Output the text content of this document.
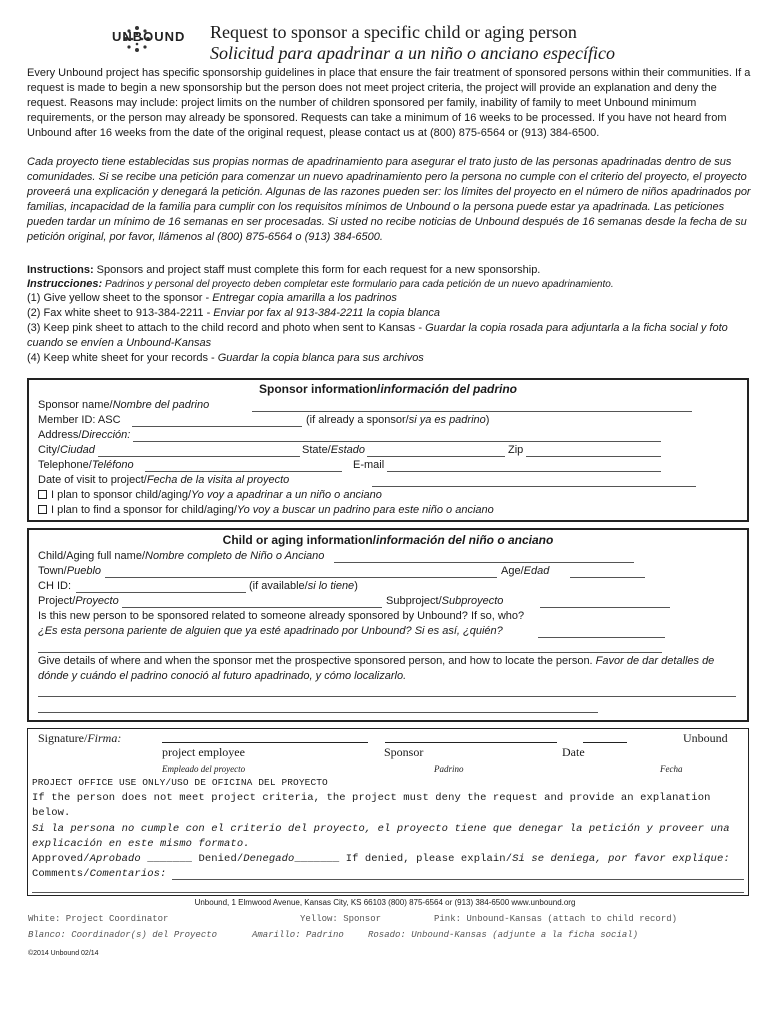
UNBOUND Request to sponsor a specific child or aging person
Solicitud para apadrinar a un niño o anciano específico
Every Unbound project has specific sponsorship guidelines in place that ensure the fair treatment of sponsored persons within their communities. If a request is made to begin a new sponsorship but the person does not meet project criteria, the project will provide an explanation and deny the request. Reasons may include: project limits on the number of children sponsored per family, inability of family to meet Unbound minimum requirements, or the person may already be sponsored. Requests can take a minimum of 16 weeks to be processed. If you have not heard from Unbound after 16 weeks from the date of the original request, please contact us at (800) 875-6564 or (913) 384-6500.
Cada proyecto tiene establecidas sus propias normas de apadrinamiento para asegurar el trato justo de las personas apadrinadas dentro de sus comunidades. Si se recibe una petición para comenzar un nuevo apadrinamiento pero la persona no cumple con el criterio del proyecto, el proyecto proveerá una explicación y denegará la petición. Algunas de las razones pueden ser: los límites del proyecto en el número de niños apadrinados por familias, incapacidad de la familia para cumplir con los requisitos mínimos de Unbound o la persona puede estar ya apadrinada. Las peticiones pueden tardar un mínimo de 16 semanas en ser procesadas. Si usted no recibe noticias de Unbound después de 16 semanas desde la fecha de su petición original, por favor, llámenos al (800) 875-6564 o (913) 384-6500.
Instructions: Sponsors and project staff must complete this form for each request for a new sponsorship.
Instrucciones: Padrinos y personal del proyecto deben completar este formulario para cada petición de un nuevo apadrinamiento.
(1) Give yellow sheet to the sponsor - Entregar copia amarilla a los padrinos
(2) Fax white sheet to 913-384-2211 - Enviar por fax al 913-384-2211 la copia blanca
(3) Keep pink sheet to attach to the child record and photo when sent to Kansas - Guardar la copia rosada para adjuntarla a la ficha social y foto
cuando se envíen a Unbound-Kansas
(4) Keep white sheet for your records - Guardar la copia blanca para sus archivos
Sponsor information/información del padrino
Sponsor name/Nombre del padrino
Member ID: ASC	(if already a sponsor/si ya es padrino)
Address/Dirección:
City/Ciudad	State/Estado	Zip
Telephone/Teléfono	E-mail
Date of visit to project/Fecha de la visita al proyecto
I plan to sponsor child/aging/Yo voy a apadrinar a un niño o anciano
I plan to find a sponsor for child/aging/Yo voy a buscar un padrino para este niño o anciano
Child or aging information/información del niño o anciano
Child/Aging full name/Nombre completo de Niño o Anciano
Town/Pueblo	Age/Edad
CH ID:	(if available/si lo tiene)
Project/Proyecto	Subproject/Subproyecto
Is this new person to be sponsored related to someone already sponsored by Unbound? If so, who?
¿Es esta persona pariente de alguien que ya esté apadrinado por Unbound? Si es así, ¿quién?
Give details of where and when the sponsor met the prospective sponsored person, and how to locate the person. Favor de dar detalles de
dónde y cuándo el padrino conoció al futuro apadrinado, y cómo localizarlo.
Signature/Firma:	Unbound
project employee	Sponsor	Date
Empleado del proyecto	Padrino	Fecha
PROJECT OFFICE USE ONLY/USO DE OFICINA DEL PROYECTO
If the person does not meet project criteria, the project must deny the request and provide an explanation
below.
Si la persona no cumple con el criterio del proyecto, el proyecto tiene que denegar la petición y proveer una
explicación en este mismo formato.
Approved/Aprobado _______ Denied/Denegado_______ If denied, please explain/Si se deniega, por favor explique:
Comments/Comentarios:
Unbound, 1 Elmwood Avenue, Kansas City, KS 66103 (800) 875-6564 or (913) 384-6500 www.unbound.org
White: Project Coordinator	Yellow: Sponsor	Pink: Unbound-Kansas (attach to child record)
Blanco: Coordinador(s) del Proyecto	Amarillo: Padrino	Rosado: Unbound-Kansas (adjunte a la ficha social)
©2014 Unbound 02/14
